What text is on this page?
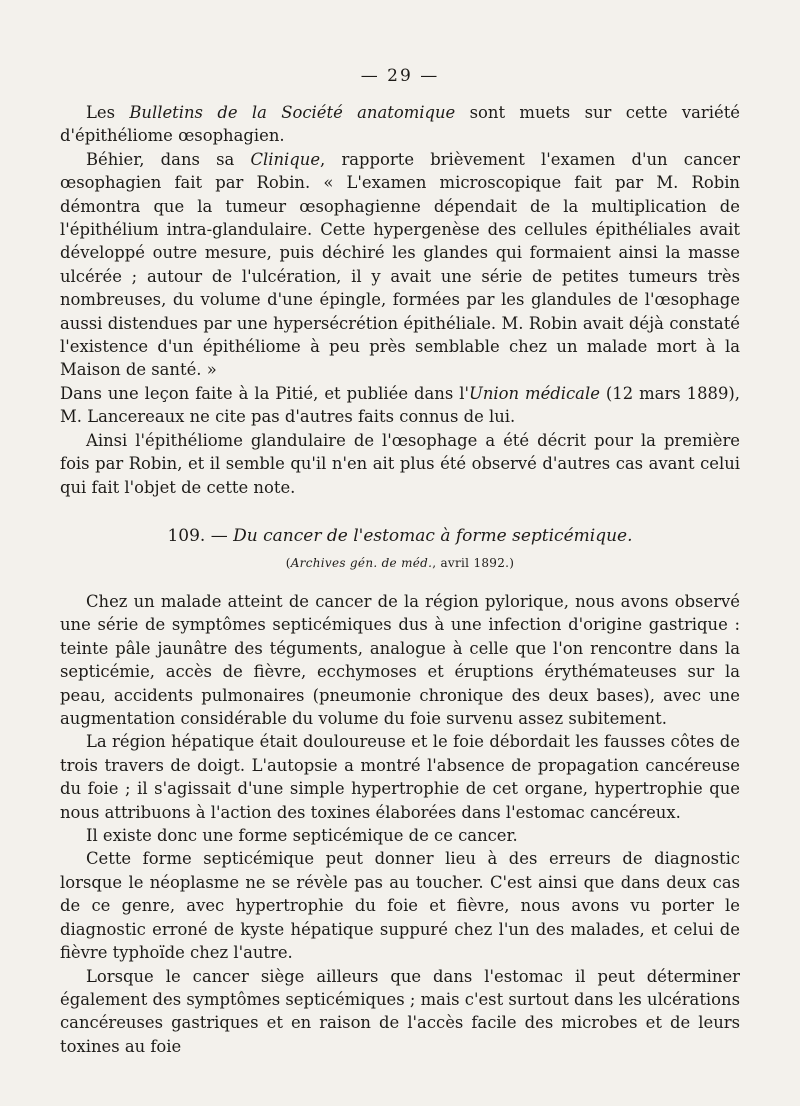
— 29 —

Les Bulletins de la Société anatomique sont muets sur cette variété d'épithéliome œsophagien.

Béhier, dans sa Clinique, rapporte brièvement l'examen d'un cancer œsophagien fait par Robin. « L'examen microscopique fait par M. Robin démontra que la tumeur œsophagienne dépendait de la multiplication de l'épithélium intra-glandulaire. Cette hypergenèse des cellules épithéliales avait développé outre mesure, puis déchiré les glandes qui formaient ainsi la masse ulcérée ; autour de l'ulcération, il y avait une série de petites tumeurs très nombreuses, du volume d'une épingle, formées par les glandules de l'œsophage aussi distendues par une hypersécrétion épithéliale. M. Robin avait déjà constaté l'existence d'un épithéliome à peu près semblable chez un malade mort à la Maison de santé. »

Dans une leçon faite à la Pitié, et publiée dans l'Union médicale (12 mars 1889), M. Lancereaux ne cite pas d'autres faits connus de lui.

Ainsi l'épithéliome glandulaire de l'œsophage a été décrit pour la première fois par Robin, et il semble qu'il n'en ait plus été observé d'autres cas avant celui qui fait l'objet de cette note.

109. — Du cancer de l'estomac à forme septicémique.
(Archives gén. de méd., avril 1892.)

Chez un malade atteint de cancer de la région pylorique, nous avons observé une série de symptômes septicémiques dus à une infection d'origine gastrique : teinte pâle jaunâtre des téguments, analogue à celle que l'on rencontre dans la septicémie, accès de fièvre, ecchymoses et éruptions érythémateuses sur la peau, accidents pulmonaires (pneumonie chronique des deux bases), avec une augmentation considérable du volume du foie survenu assez subitement.

La région hépatique était douloureuse et le foie débordait les fausses côtes de trois travers de doigt. L'autopsie a montré l'absence de propagation cancéreuse du foie ; il s'agissait d'une simple hypertrophie de cet organe, hypertrophie que nous attribuons à l'action des toxines élaborées dans l'estomac cancéreux.

Il existe donc une forme septicémique de ce cancer.

Cette forme septicémique peut donner lieu à des erreurs de diagnostic lorsque le néoplasme ne se révèle pas au toucher. C'est ainsi que dans deux cas de ce genre, avec hypertrophie du foie et fièvre, nous avons vu porter le diagnostic erroné de kyste hépatique suppuré chez l'un des malades, et celui de fièvre typhoïde chez l'autre.

Lorsque le cancer siège ailleurs que dans l'estomac il peut déterminer également des symptômes septicémiques ; mais c'est surtout dans les ulcérations cancéreuses gastriques et en raison de l'accès facile des microbes et de leurs toxines au foie
